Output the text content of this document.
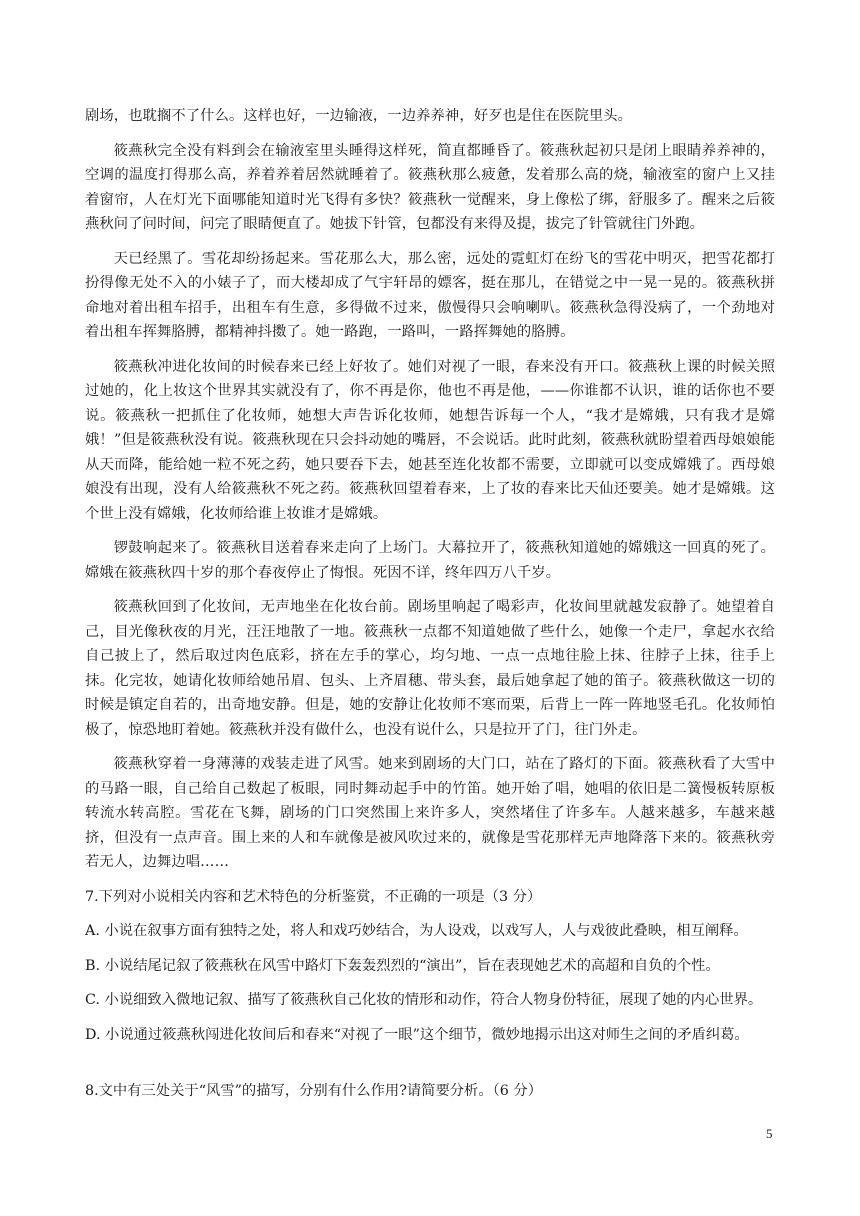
剧场，也耽搁不了什么。这样也好，一边输液，一边养养神，好歹也是住在医院里头。

筱燕秋完全没有料到会在输液室里头睡得这样死，简直都睡昏了。筱燕秋起初只是闭上眼睛养养神的，空调的温度打得那么高，养着养着居然就睡着了。筱燕秋那么疲惫，发着那么高的烧，输液室的窗户上又挂着窗帘，人在灯光下面哪能知道时光飞得有多快？筱燕秋一觉醒来，身上像松了绑，舒服多了。醒来之后筱燕秋问了问时间，问完了眼睛便直了。她拔下针管，包都没有来得及提，拔完了针管就往门外跑。

天已经黑了。雪花却纷扬起来。雪花那么大，那么密，远处的霓虹灯在纷飞的雪花中明灭，把雪花都打扮得像无处不入的小婊子了，而大楼却成了气宇轩昂的嫖客，挺在那儿，在错觉之中一晃一晃的。筱燕秋拼命地对着出租车招手，出租车有生意，多得做不过来，傲慢得只会响喇叭。筱燕秋急得没病了，一个劲地对着出租车挥舞胳膊，都精神抖擞了。她一路跑，一路叫，一路挥舞她的胳膊。

筱燕秋冲进化妆间的时候春来已经上好妆了。她们对视了一眼，春来没有开口。筱燕秋上课的时候关照过她的，化上妆这个世界其实就没有了，你不再是你，他也不再是他，——你谁都不认识，谁的话你也不要说。筱燕秋一把抓住了化妆师，她想大声告诉化妆师，她想告诉每一个人，“我才是嫦娥，只有我才是嫦娥！”但是筱燕秋没有说。筱燕秋现在只会抖动她的嘴唇，不会说话。此时此刻，筱燕秋就盼望着西母娘娘能从天而降，能给她一粒不死之药，她只要吞下去，她甚至连化妆都不需要，立即就可以变成嫦娥了。西母娘娘没有出现，没有人给筱燕秋不死之药。筱燕秋回望着春来，上了妆的春来比天仙还要美。她才是嫦娥。这个世上没有嫦娥，化妆师给谁上妆谁才是嫦娥。

锣鼓响起来了。筱燕秋目送着春来走向了上场门。大幕拉开了，筱燕秋知道她的嫦娥这一回真的死了。嫦娥在筱燕秋四十岁的那个春夜停止了悔恨。死因不详，终年四万八千岁。

筱燕秋回到了化妆间，无声地坐在化妆台前。剧场里响起了喝彩声，化妆间里就越发寂静了。她望着自己，目光像秋夜的月光，汪汪地散了一地。筱燕秋一点都不知道她做了些什么，她像一个走尸，拿起水衣给自己披上了，然后取过肉色底彩，挤在左手的掌心，均匀地、一点一点地往脸上抹、往脖子上抹，往手上抹。化完妆，她请化妆师给她吊眉、包头、上齐眉穗、带头套，最后她拿起了她的笛子。筱燕秋做这一切的时候是镇定自若的，出奇地安静。但是，她的安静让化妆师不寒而栗，后背上一阵一阵地竖毛孔。化妆师怕极了，惊恐地盯着她。筱燕秋并没有做什么，也没有说什么，只是拉开了门，往门外走。

筱燕秋穿着一身薄薄的戏装走进了风雪。她来到剧场的大门口，站在了路灯的下面。筱燕秋看了大雪中的马路一眼，自己给自己数起了板眼，同时舞动起手中的竹笛。她开始了唱，她唱的依旧是二簧慢板转原板转流水转高腔。雪花在飞舞，剧场的门口突然围上来许多人，突然堵住了许多车。人越来越多，车越来越挤，但没有一点声音。围上来的人和车就像是被风吹过来的，就像是雪花那样无声地降落下来的。筱燕秋旁若无人，边舞边唱……

7.下列对小说相关内容和艺术特色的分析鉴赏，不正确的一项是（3 分）

A. 小说在叙事方面有独特之处，将人和戏巧妙结合，为人设戏，以戏写人，人与戏彼此叠映，相互阐释。

B. 小说结尾记叙了筱燕秋在风雪中路灯下轰轰烈烈的“演出”，旨在表现她艺术的高超和自负的个性。

C. 小说细致入微地记叙、描写了筱燕秋自己化妆的情形和动作，符合人物身份特征，展现了她的内心世界。

D. 小说通过筱燕秋闯进化妆间后和春来“对视了一眼”这个细节，微妙地揭示出这对师生之间的矛盾纠葛。

8.文中有三处关于“风雪”的描写，分别有什么作用?请简要分析。（6 分）

5
